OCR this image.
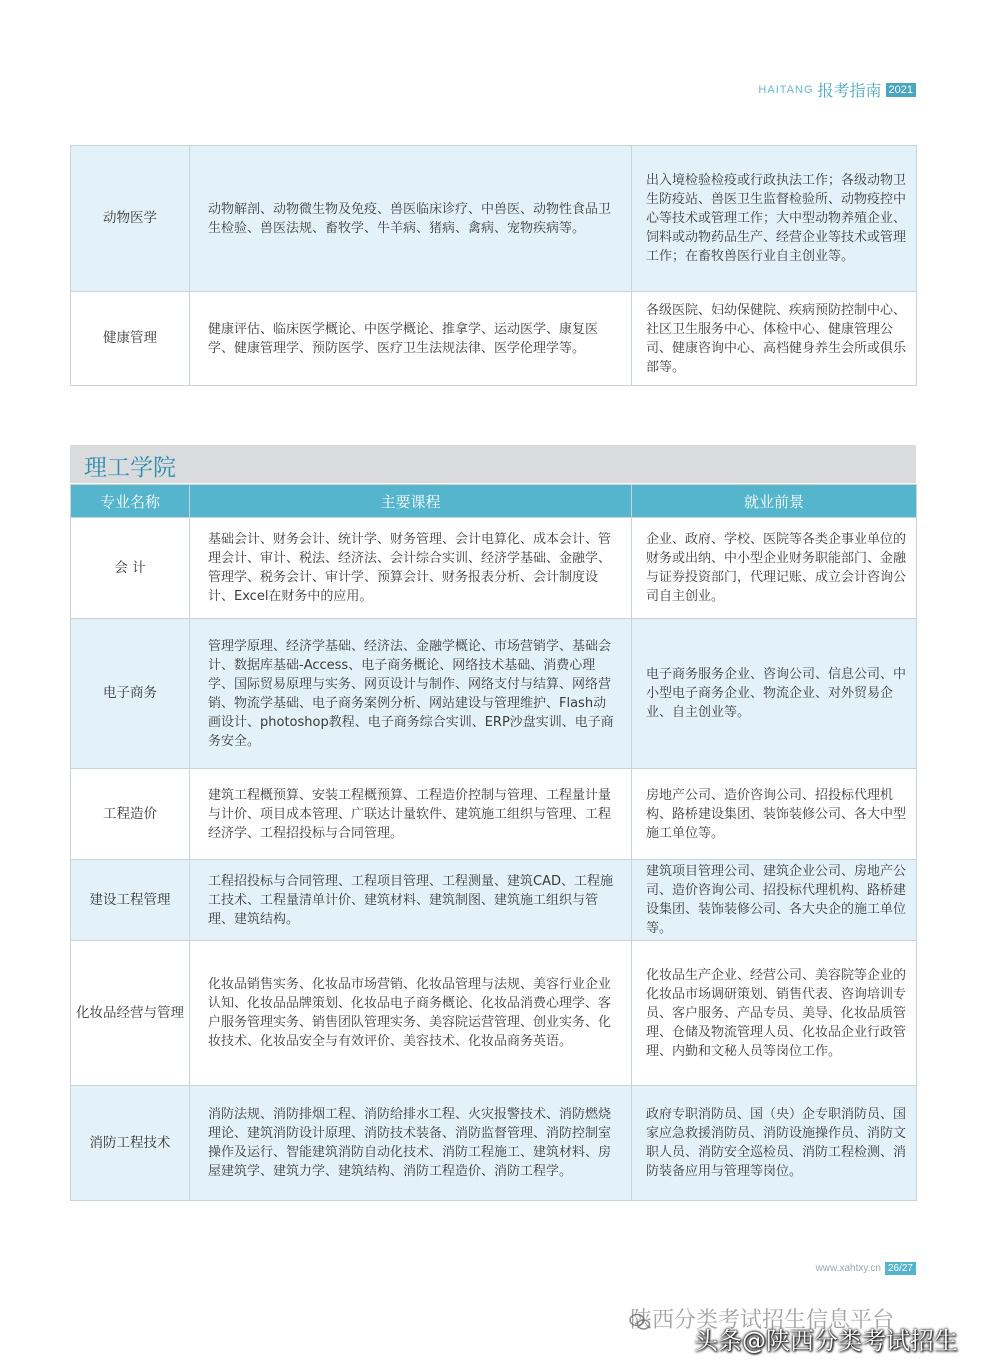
HAITANG 报考指南 2021
动物医学	动物解剖、动物微生物及免疫、兽医临床诊疗、中兽医、动物性食品卫生检验、兽医法规、畜牧学、牛羊病、猪病、禽病、宠物疾病等。	出入境检验检疫或行政执法工作；各级动物卫生防疫站、兽医卫生监督检验所、动物疫控中心等技术或管理工作；大中型动物养殖企业、饲料或动物药品生产、经营企业等技术或管理工作；在畜牧兽医行业自主创业等。
健康管理	健康评估、临床医学概论、中医学概论、推拿学、运动医学、康复医学、健康管理学、预防医学、医疗卫生法规法律、医学伦理学等。	各级医院、妇幼保健院、疾病预防控制中心、社区卫生服务中心、体检中心、健康管理公司、健康咨询中心、高档健身养生会所或俱乐部等。
理工学院
专业名称	主要课程	就业前景
会 计	基础会计、财务会计、统计学、财务管理、会计电算化、成本会计、管理会计、审计、税法、经济法、会计综合实训、经济学基础、金融学、管理学、税务会计、审计学、预算会计、财务报表分析、会计制度设计、Excel在财务中的应用。	企业、政府、学校、医院等各类企事业单位的财务或出纳、中小型企业财务职能部门、金融与证券投资部门，代理记账、成立会计咨询公司自主创业。
电子商务	管理学原理、经济学基础、经济法、金融学概论、市场营销学、基础会计、数据库基础-Access、电子商务概论、网络技术基础、消费心理学、国际贸易原理与实务、网页设计与制作、网络支付与结算、网络营销、物流学基础、电子商务案例分析、网站建设与管理维护、Flash动画设计、photoshop教程、电子商务综合实训、ERP沙盘实训、电子商务安全。	电子商务服务企业、咨询公司、信息公司、中小型电子商务企业、物流企业、对外贸易企业、自主创业等。
工程造价	建筑工程概预算、安装工程概预算、工程造价控制与管理、工程量计量与计价、项目成本管理、广联达计量软件、建筑施工组织与管理、工程经济学、工程招投标与合同管理。	房地产公司、造价咨询公司、招投标代理机构、路桥建设集团、装饰装修公司、各大中型施工单位等。
建设工程管理	工程招投标与合同管理、工程项目管理、工程测量、建筑CAD、工程施工技术、工程量清单计价、建筑材料、建筑制图、建筑施工组织与管理、建筑结构。	建筑项目管理公司、建筑企业公司、房地产公司、造价咨询公司、招投标代理机构、路桥建设集团、装饰装修公司、各大央企的施工单位等。
化妆品经营与管理	化妆品销售实务、化妆品市场营销、化妆品管理与法规、美容行业企业认知、化妆品品牌策划、化妆品电子商务概论、化妆品消费心理学、客户服务管理实务、销售团队管理实务、美容院运营管理、创业实务、化妆技术、化妆品安全与有效评价、美容技术、化妆品商务英语。	化妆品生产企业、经营公司、美容院等企业的化妆品市场调研策划、销售代表、咨询培训专员、客户服务、产品专员、美导、化妆品质管理、仓储及物流管理人员、化妆品企业行政管理、内勤和文秘人员等岗位工作。
消防工程技术	消防法规、消防排烟工程、消防给排水工程、火灾报警技术、消防燃烧理论、建筑消防设计原理、消防技术装备、消防监督管理、消防控制室操作及运行、智能建筑消防自动化技术、消防工程施工、建筑材料、房屋建筑学、建筑力学、建筑结构、消防工程造价、消防工程学。	政府专职消防员、国（央）企专职消防员、国家应急救援消防员、消防设施操作员、消防文职人员、消防安全巡检员、消防工程检测、消防装备应用与管理等岗位。
www.xahtxy.cn 26/27
陕西分类考试招生信息平台
头条@陕西分类考试招生
